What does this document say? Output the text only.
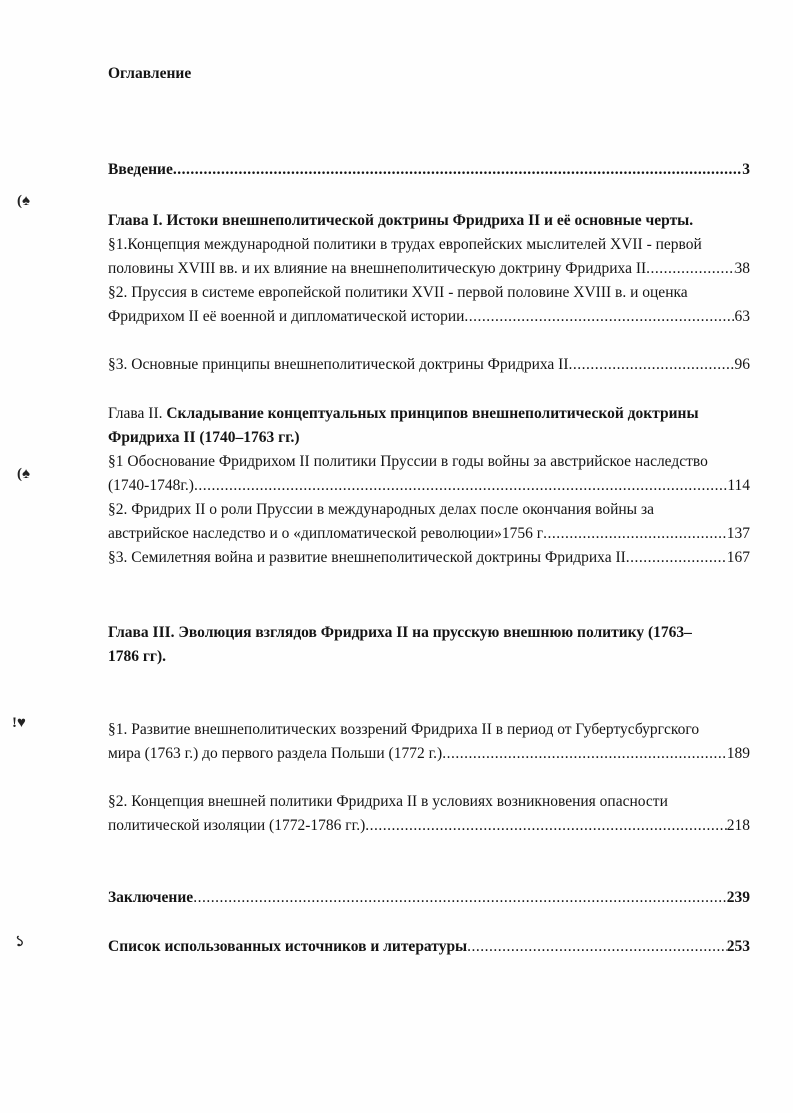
Оглавление
(♠
(♠
!♥
১
Введение .....	3
Глава I. Истоки внешнеполитической доктрины Фридриха II и её основные черты.
§1.Концепция международной политики в трудах европейских мыслителей XVII - первой
половины XVIII вв. и их влияние на внешнеполитическую доктрину Фридриха II .....	38
§2. Пруссия в системе европейской политики XVII - первой половине XVIII в. и оценка
Фридрихом II её военной и дипломатической истории .....	63
§3. Основные принципы внешнеполитической доктрины Фридриха II .....	96
Глава II. Складывание концептуальных принципов внешнеполитической доктрины
Фридриха II (1740–1763 гг.)
§1 Обоснование Фридрихом II политики Пруссии в годы войны за австрийское наследство
(1740-1748г.) .....	114
§2. Фридрих II о роли Пруссии в международных делах после окончания войны за
австрийское наследство и о «дипломатической революции»1756 г .....	137
§3. Семилетняя война и развитие внешнеполитической доктрины Фридриха II .....	167
Глава III. Эволюция взглядов Фридриха II на прусскую внешнюю политику (1763–
1786 гг).
§1. Развитие внешнеполитических воззрений Фридриха II в период от Губертусбургского
мира (1763 г.) до первого раздела Польши (1772 г.) .....	189
§2. Концепция внешней политики Фридриха II в условиях возникновения опасности
политической изоляции (1772-1786 гг.) .....	218
Заключение .....	239
Список использованных источников и литературы .....	253
